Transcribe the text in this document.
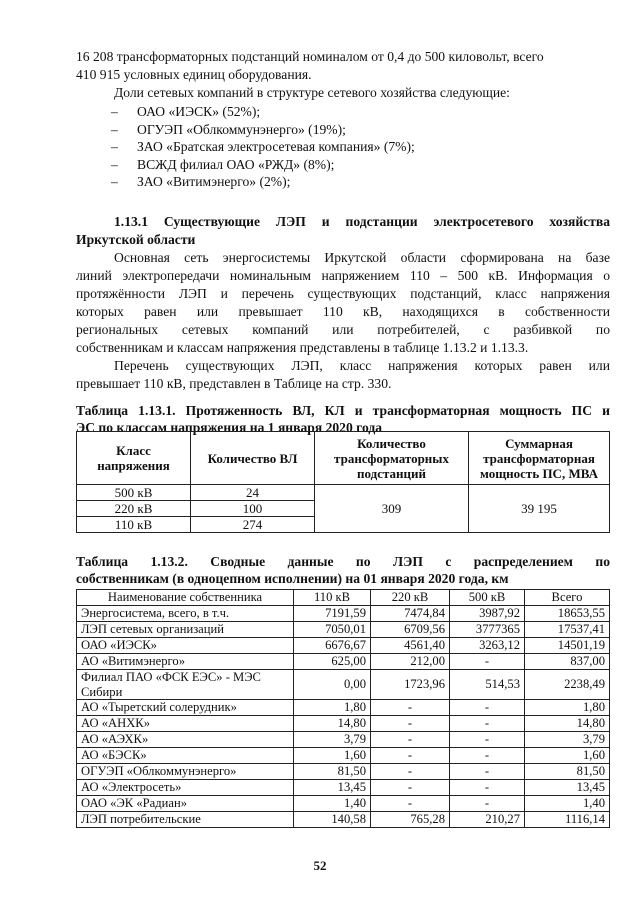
16 208 трансформаторных подстанций номиналом от 0,4 до 500 киловольт, всего

410 915 условных единиц оборудования.

Доли сетевых компаний в структуре сетевого хозяйства следующие:

– ОАО «ИЭСК» (52%);
– ОГУЭП «Облкоммунэнерго» (19%);
– ЗАО «Братская электросетевая компания» (7%);
– ВСЖД филиал ОАО «РЖД» (8%);
– ЗАО «Витимэнерго» (2%);

1.13.1 Существующие ЛЭП и подстанции электросетевого хозяйства

Иркутской области

Основная сеть энергосистемы Иркутской области сформирована на базе

линий электропередачи номинальным напряжением 110 – 500 кВ. Информация о

протяжённости ЛЭП и перечень существующих подстанций, класс напряжения

которых равен или превышает 110 кВ, находящихся в собственности

региональных сетевых компаний или потребителей, с разбивкой по

собственникам и классам напряжения представлены в таблице 1.13.2 и 1.13.3.

Перечень существующих ЛЭП, класс напряжения которых равен или

превышает 110 кВ, представлен в Таблице на стр. 330.

Таблица 1.13.1. Протяженность ВЛ, КЛ и трансформаторная мощность ПС и

ЭС по классам напряжения на 1 января 2020 года

Класс напряжения	Количество ВЛ	Количество трансформаторных подстанций	Суммарная трансформаторная мощность ПС, МВА
500 кВ	24	309	39 195
220 кВ	100		
110 кВ	274		

Таблица 1.13.2. Сводные данные по ЛЭП с распределением по

собственникам (в одноцепном исполнении) на 01 января 2020 года, км

Наименование собственника	110 кВ	220 кВ	500 кВ	Всего
Энергосистема, всего, в т.ч.	7191,59	7474,84	3987,92	18653,55
ЛЭП сетевых организаций	7050,01	6709,56	3777365	17537,41
ОАО «ИЭСК»	6676,67	4561,40	3263,12	14501,19
АО «Витимэнерго»	625,00	212,00	-	837,00
Филиал ПАО «ФСК ЕЭС» - МЭС Сибири	0,00	1723,96	514,53	2238,49
АО «Тыретский солерудник»	1,80	-	-	1,80
АО «АНХК»	14,80	-	-	14,80
АО «АЭХК»	3,79	-	-	3,79
АО «БЭСК»	1,60	-	-	1,60
ОГУЭП «Облкоммунэнерго»	81,50	-	-	81,50
АО «Электросеть»	13,45	-	-	13,45
ОАО «ЭК «Радиан»	1,40	-	-	1,40
ЛЭП потребительские	140,58	765,28	210,27	1116,14
52
